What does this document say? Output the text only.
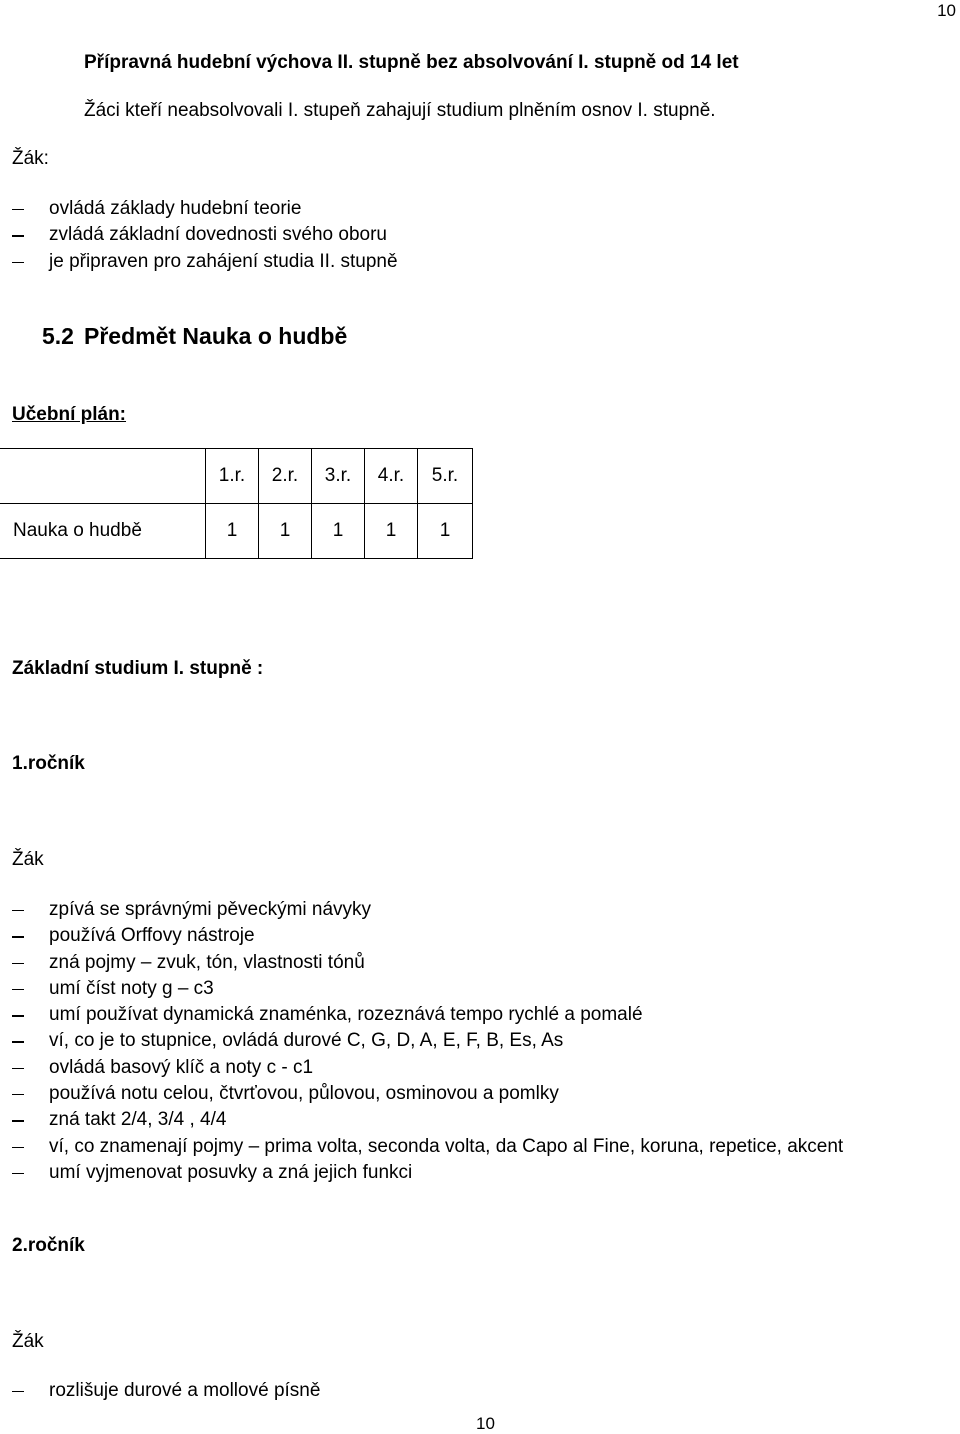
10
Přípravná hudební výchova II. stupně bez absolvování I. stupně od 14 let
Žáci kteří neabsolvovali I. stupeň zahajují studium plněním osnov I. stupně.
Žák:
ovládá základy hudební teorie
zvládá základní dovednosti svého oboru
je připraven pro zahájení studia II. stupně
5.2 Předmět Nauka o hudbě
Učební plán:
	1.r.	2.r.	3.r.	4.r.	5.r.
Nauka o hudbě	1	1	1	1	1
Základní studium I. stupně :
1.ročník
Žák
zpívá se správnými pěveckými návyky
používá Orffovy nástroje
zná pojmy – zvuk, tón, vlastnosti tónů
umí číst noty g – c3
umí používat dynamická znaménka, rozeznává tempo rychlé a pomalé
ví, co je to stupnice, ovládá durové C, G, D, A, E, F, B, Es, As
ovládá basový klíč a noty c - c1
používá notu celou, čtvrťovou, půlovou, osminovou a pomlky
zná takt 2/4, 3/4 , 4/4
ví, co znamenají pojmy – prima volta, seconda volta, da Capo al Fine, koruna, repetice, akcent
umí vyjmenovat posuvky a zná jejich funkci
2.ročník
Žák
rozlišuje durové a mollové písně
10
